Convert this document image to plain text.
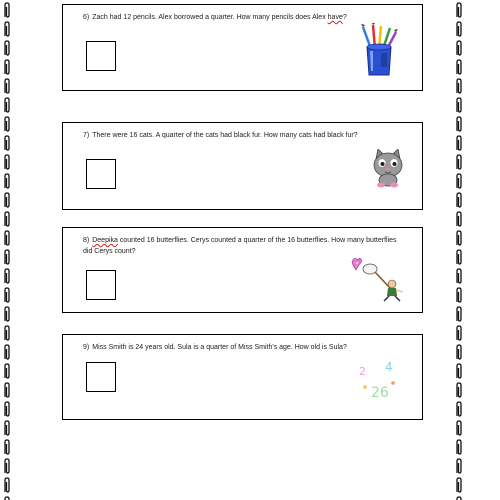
6) Zach had 12 pencils. Alex borrowed a quarter. How many pencils does Alex have?

7) There were 16 cats. A quarter of the cats had black fur. How many cats had black fur?

8) Deepika counted 16 butterflies. Cerys counted a quarter of the 16 butterflies. How many butterflies did Cerys count?

9) Miss Smith is 24 years old. Sula is a quarter of Miss Smith's age. How old is Sula?

2 4
26
